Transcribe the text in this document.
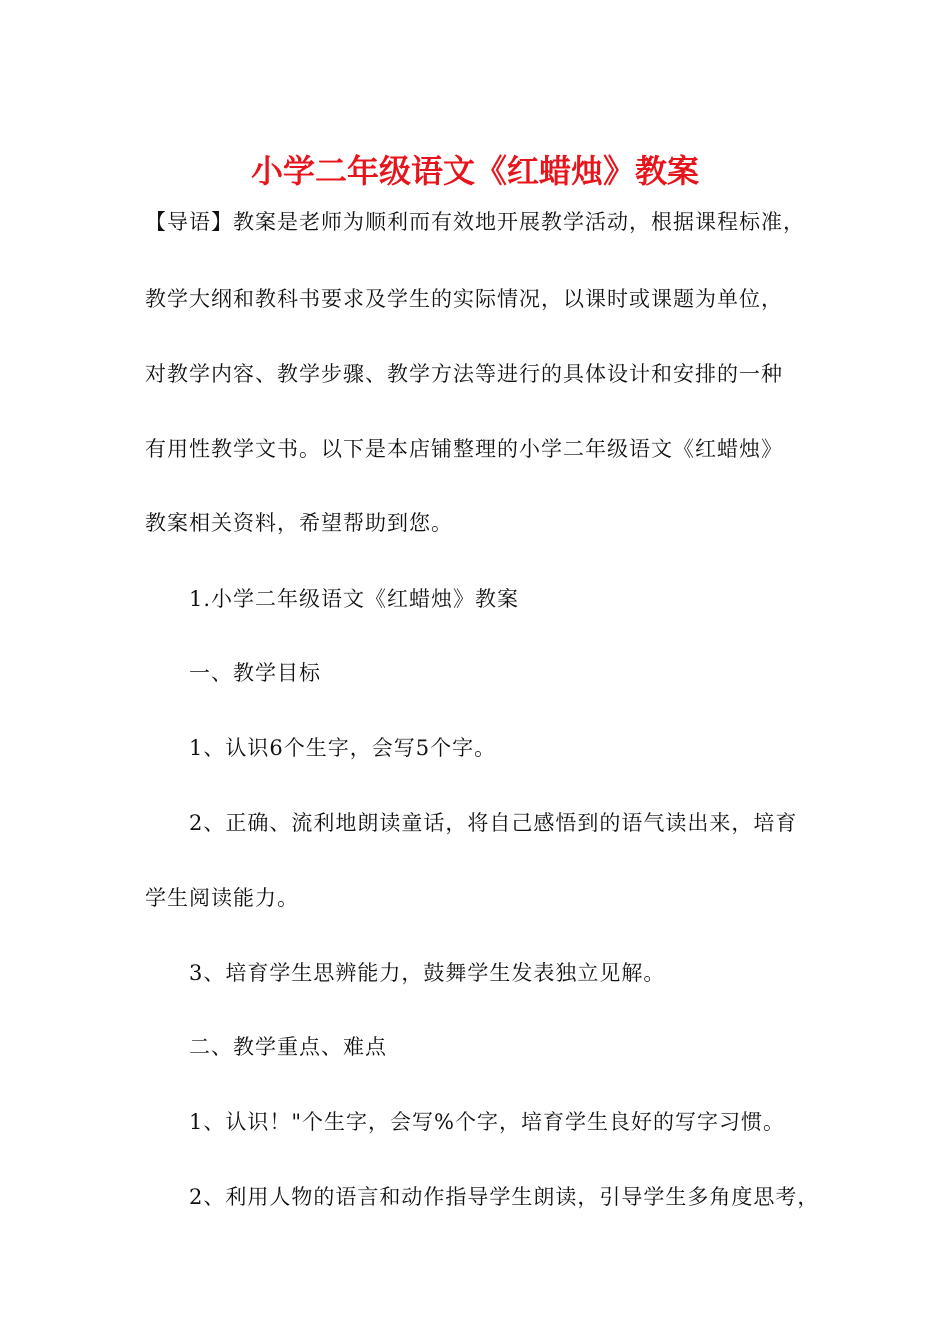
小学二年级语文《红蜡烛》教案
【导语】教案是老师为顺利而有效地开展教学活动，根据课程标准，
教学大纲和教科书要求及学生的实际情况，以课时或课题为单位，
对教学内容、教学步骤、教学方法等进行的具体设计和安排的一种
有用性教学文书。以下是本店铺整理的小学二年级语文《红蜡烛》
教案相关资料，希望帮助到您。
1.小学二年级语文《红蜡烛》教案
一、教学目标
1、认识6个生字，会写5个字。
2、正确、流利地朗读童话，将自己感悟到的语气读出来，培育
学生阅读能力。
3、培育学生思辨能力，鼓舞学生发表独立见解。
二、教学重点、难点
1、认识！"个生字，会写%个字，培育学生良好的写字习惯。
2、利用人物的语言和动作指导学生朗读，引导学生多角度思考，
